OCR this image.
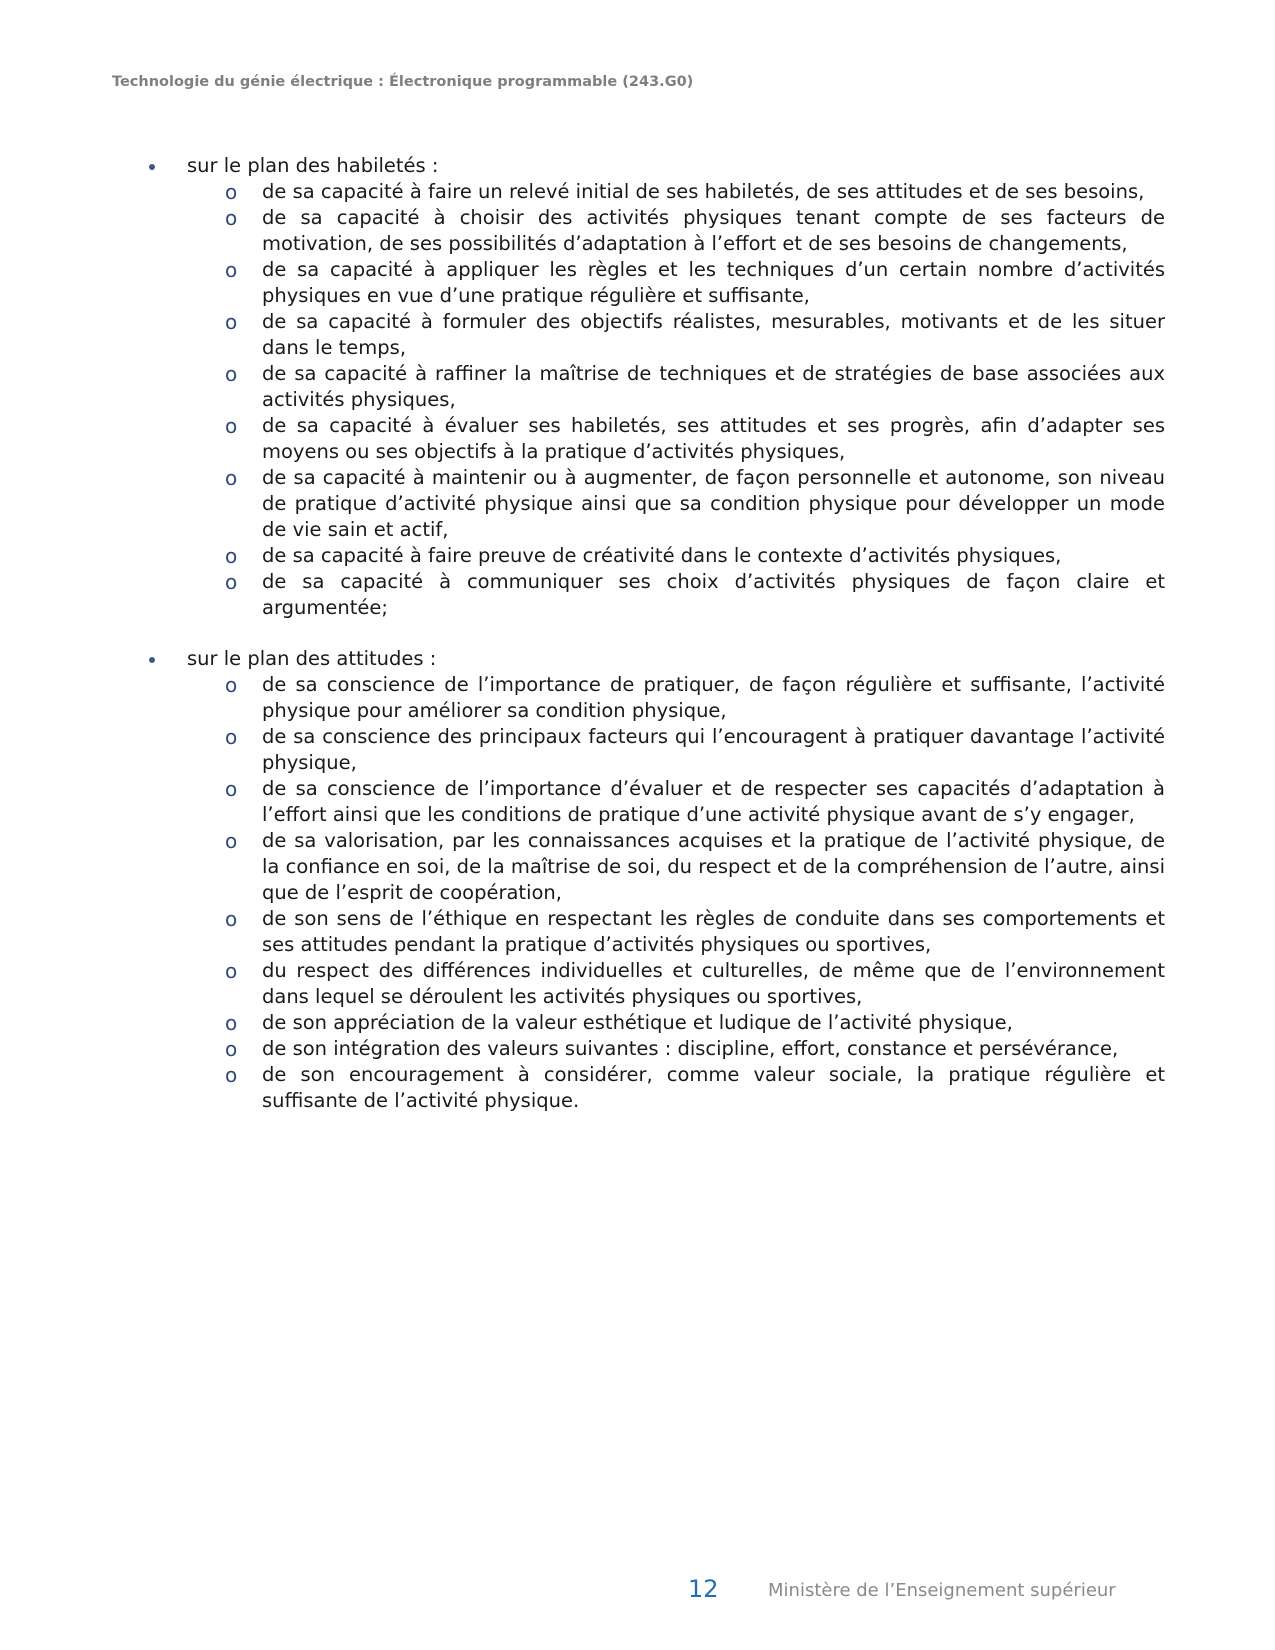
Technologie du génie électrique : Électronique programmable (243.G0)
sur le plan des habiletés :
o de sa capacité à faire un relevé initial de ses habiletés, de ses attitudes et de ses besoins,
o de sa capacité à choisir des activités physiques tenant compte de ses facteurs de motivation, de ses possibilités d’adaptation à l’effort et de ses besoins de changements,
o de sa capacité à appliquer les règles et les techniques d’un certain nombre d’activités physiques en vue d’une pratique régulière et suffisante,
o de sa capacité à formuler des objectifs réalistes, mesurables, motivants et de les situer dans le temps,
o de sa capacité à raffiner la maîtrise de techniques et de stratégies de base associées aux activités physiques,
o de sa capacité à évaluer ses habiletés, ses attitudes et ses progrès, afin d’adapter ses moyens ou ses objectifs à la pratique d’activités physiques,
o de sa capacité à maintenir ou à augmenter, de façon personnelle et autonome, son niveau de pratique d’activité physique ainsi que sa condition physique pour développer un mode de vie sain et actif,
o de sa capacité à faire preuve de créativité dans le contexte d’activités physiques,
o de sa capacité à communiquer ses choix d’activités physiques de façon claire et argumentée;
sur le plan des attitudes :
o de sa conscience de l’importance de pratiquer, de façon régulière et suffisante, l’activité physique pour améliorer sa condition physique,
o de sa conscience des principaux facteurs qui l’encouragent à pratiquer davantage l’activité physique,
o de sa conscience de l’importance d’évaluer et de respecter ses capacités d’adaptation à l’effort ainsi que les conditions de pratique d’une activité physique avant de s’y engager,
o de sa valorisation, par les connaissances acquises et la pratique de l’activité physique, de la confiance en soi, de la maîtrise de soi, du respect et de la compréhension de l’autre, ainsi que de l’esprit de coopération,
o de son sens de l’éthique en respectant les règles de conduite dans ses comportements et ses attitudes pendant la pratique d’activités physiques ou sportives,
o du respect des différences individuelles et culturelles, de même que de l’environnement dans lequel se déroulent les activités physiques ou sportives,
o de son appréciation de la valeur esthétique et ludique de l’activité physique,
o de son intégration des valeurs suivantes : discipline, effort, constance et persévérance,
o de son encouragement à considérer, comme valeur sociale, la pratique régulière et suffisante de l’activité physique.
12	Ministère de l’Enseignement supérieur
